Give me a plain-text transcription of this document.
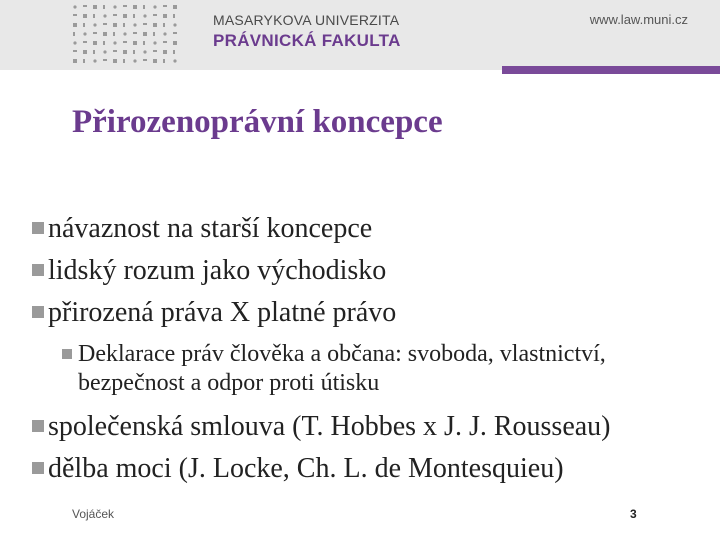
MASARYKOVA UNIVERZITA
PRÁVNICKÁ FAKULTA
www.law.muni.cz
Přirozenoprávní koncepce
návaznost na starší koncepce
lidský rozum jako východisko
přirozená práva X platné právo
Deklarace práv člověka a občana: svoboda, vlastnictví, bezpečnost a odpor proti útisku
společenská smlouva (T. Hobbes x J. J. Rousseau)
dělba moci (J. Locke, Ch. L. de Montesquieu)
Vojáček	3
